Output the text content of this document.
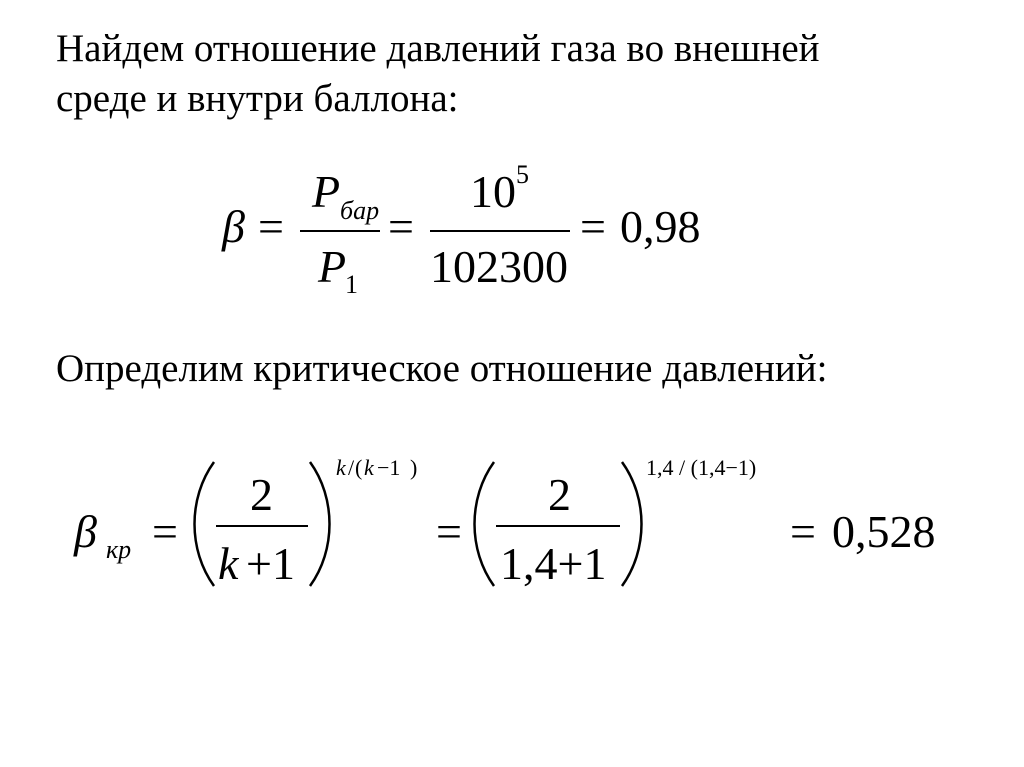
Найдем отношение давлений газа во внешней
среде и внутри баллона:
Определим критическое отношение давлений:
β =
P бар
P
1
=
10 5
102300
= 0,98
β кр =
2
k +1
k / ( k −1 )
=
2
1,4+1
1,4 / (1,4−1)
= 0,528
